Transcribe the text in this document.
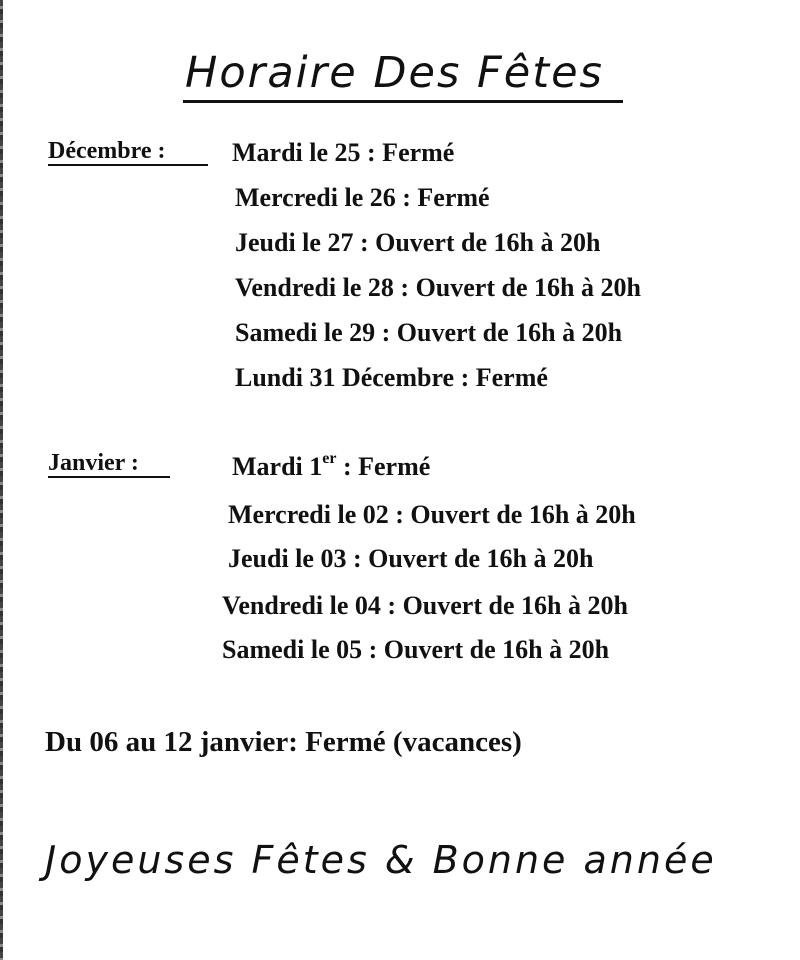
Horaire Des Fêtes
Décembre :	Mardi le 25 : Fermé
Mercredi le 26 : Fermé
Jeudi le 27 : Ouvert de 16h à 20h
Vendredi le 28 : Ouvert de 16h à 20h
Samedi le 29 : Ouvert de 16h à 20h
Lundi 31 Décembre : Fermé
Janvier :	Mardi 1er : Fermé
Mercredi le 02 : Ouvert de 16h à 20h
Jeudi le 03 : Ouvert de 16h à 20h
Vendredi le 04 : Ouvert de 16h à 20h
Samedi le 05 : Ouvert de 16h à 20h
Du 06 au 12 janvier: Fermé (vacances)
Joyeuses Fêtes & Bonne année
